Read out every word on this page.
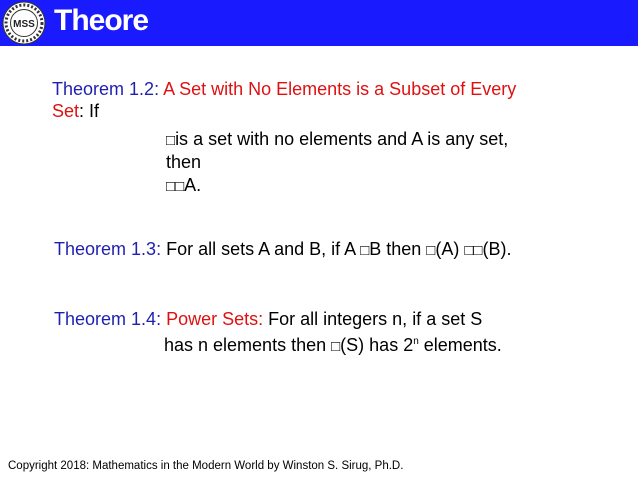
MSS Theore
Theorem 1.2: A Set with No Elements is a Subset of Every
Set: If
□is a set with no elements and A is any set,
then
□□A.
Theorem 1.3: For all sets A and B, if A □B then □(A) □□(B).
Theorem 1.4: Power Sets: For all integers n, if a set S
has n elements then □(S) has 2$^n$ elements.
Copyright 2018: Mathematics in the Modern World by Winston S. Sirug, Ph.D.
